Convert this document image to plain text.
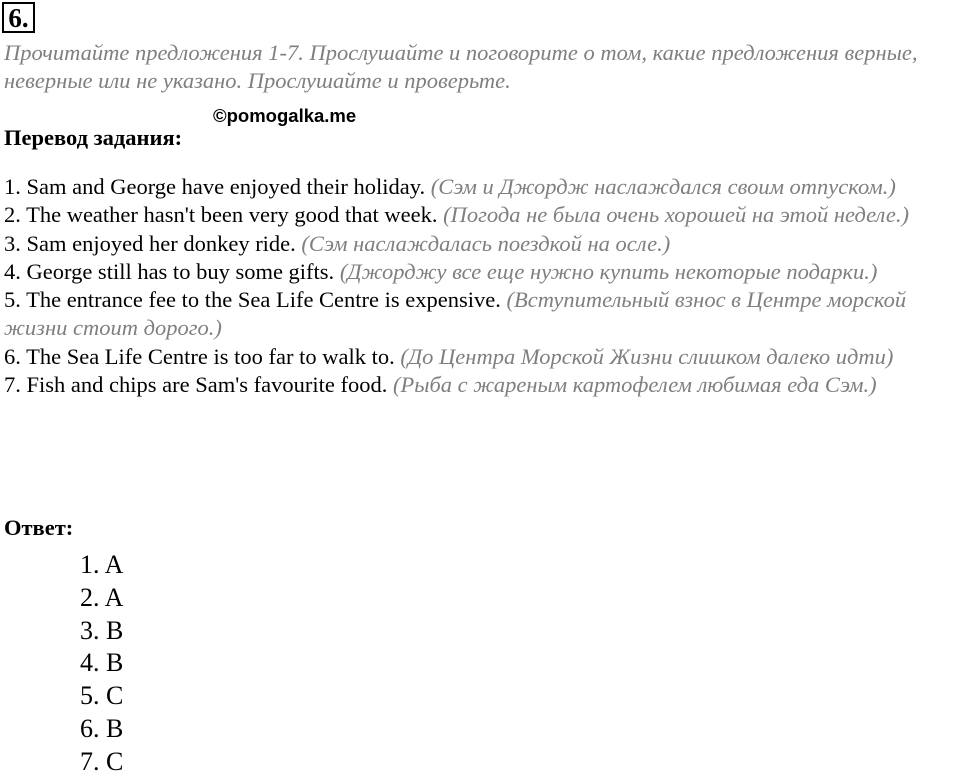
6.
Прочитайте предложения 1-7. Прослушайте и поговорите о том, какие предложения верные, неверные или не указано. Прослушайте и проверьте.
©pomogalka.me
Перевод задания:
1. Sam and George have enjoyed their holiday. (Сэм и Джордж наслаждался своим отпуском.)
2. The weather hasn't been very good that week. (Погода не была очень хорошей на этой неделе.)
3. Sam enjoyed her donkey ride. (Сэм наслаждалась поездкой на осле.)
4. George still has to buy some gifts. (Джорджу все еще нужно купить некоторые подарки.)
5. The entrance fee to the Sea Life Centre is expensive. (Вступительный взнос в Центре морской жизни стоит дорого.)
6. The Sea Life Centre is too far to walk to. (До Центра Морской Жизни слишком далеко идти)
7. Fish and chips are Sam's favourite food. (Рыба с жареным картофелем любимая еда Сэм.)
Ответ:
1. A
2. A
3. B
4. B
5. C
6. B
7. C
